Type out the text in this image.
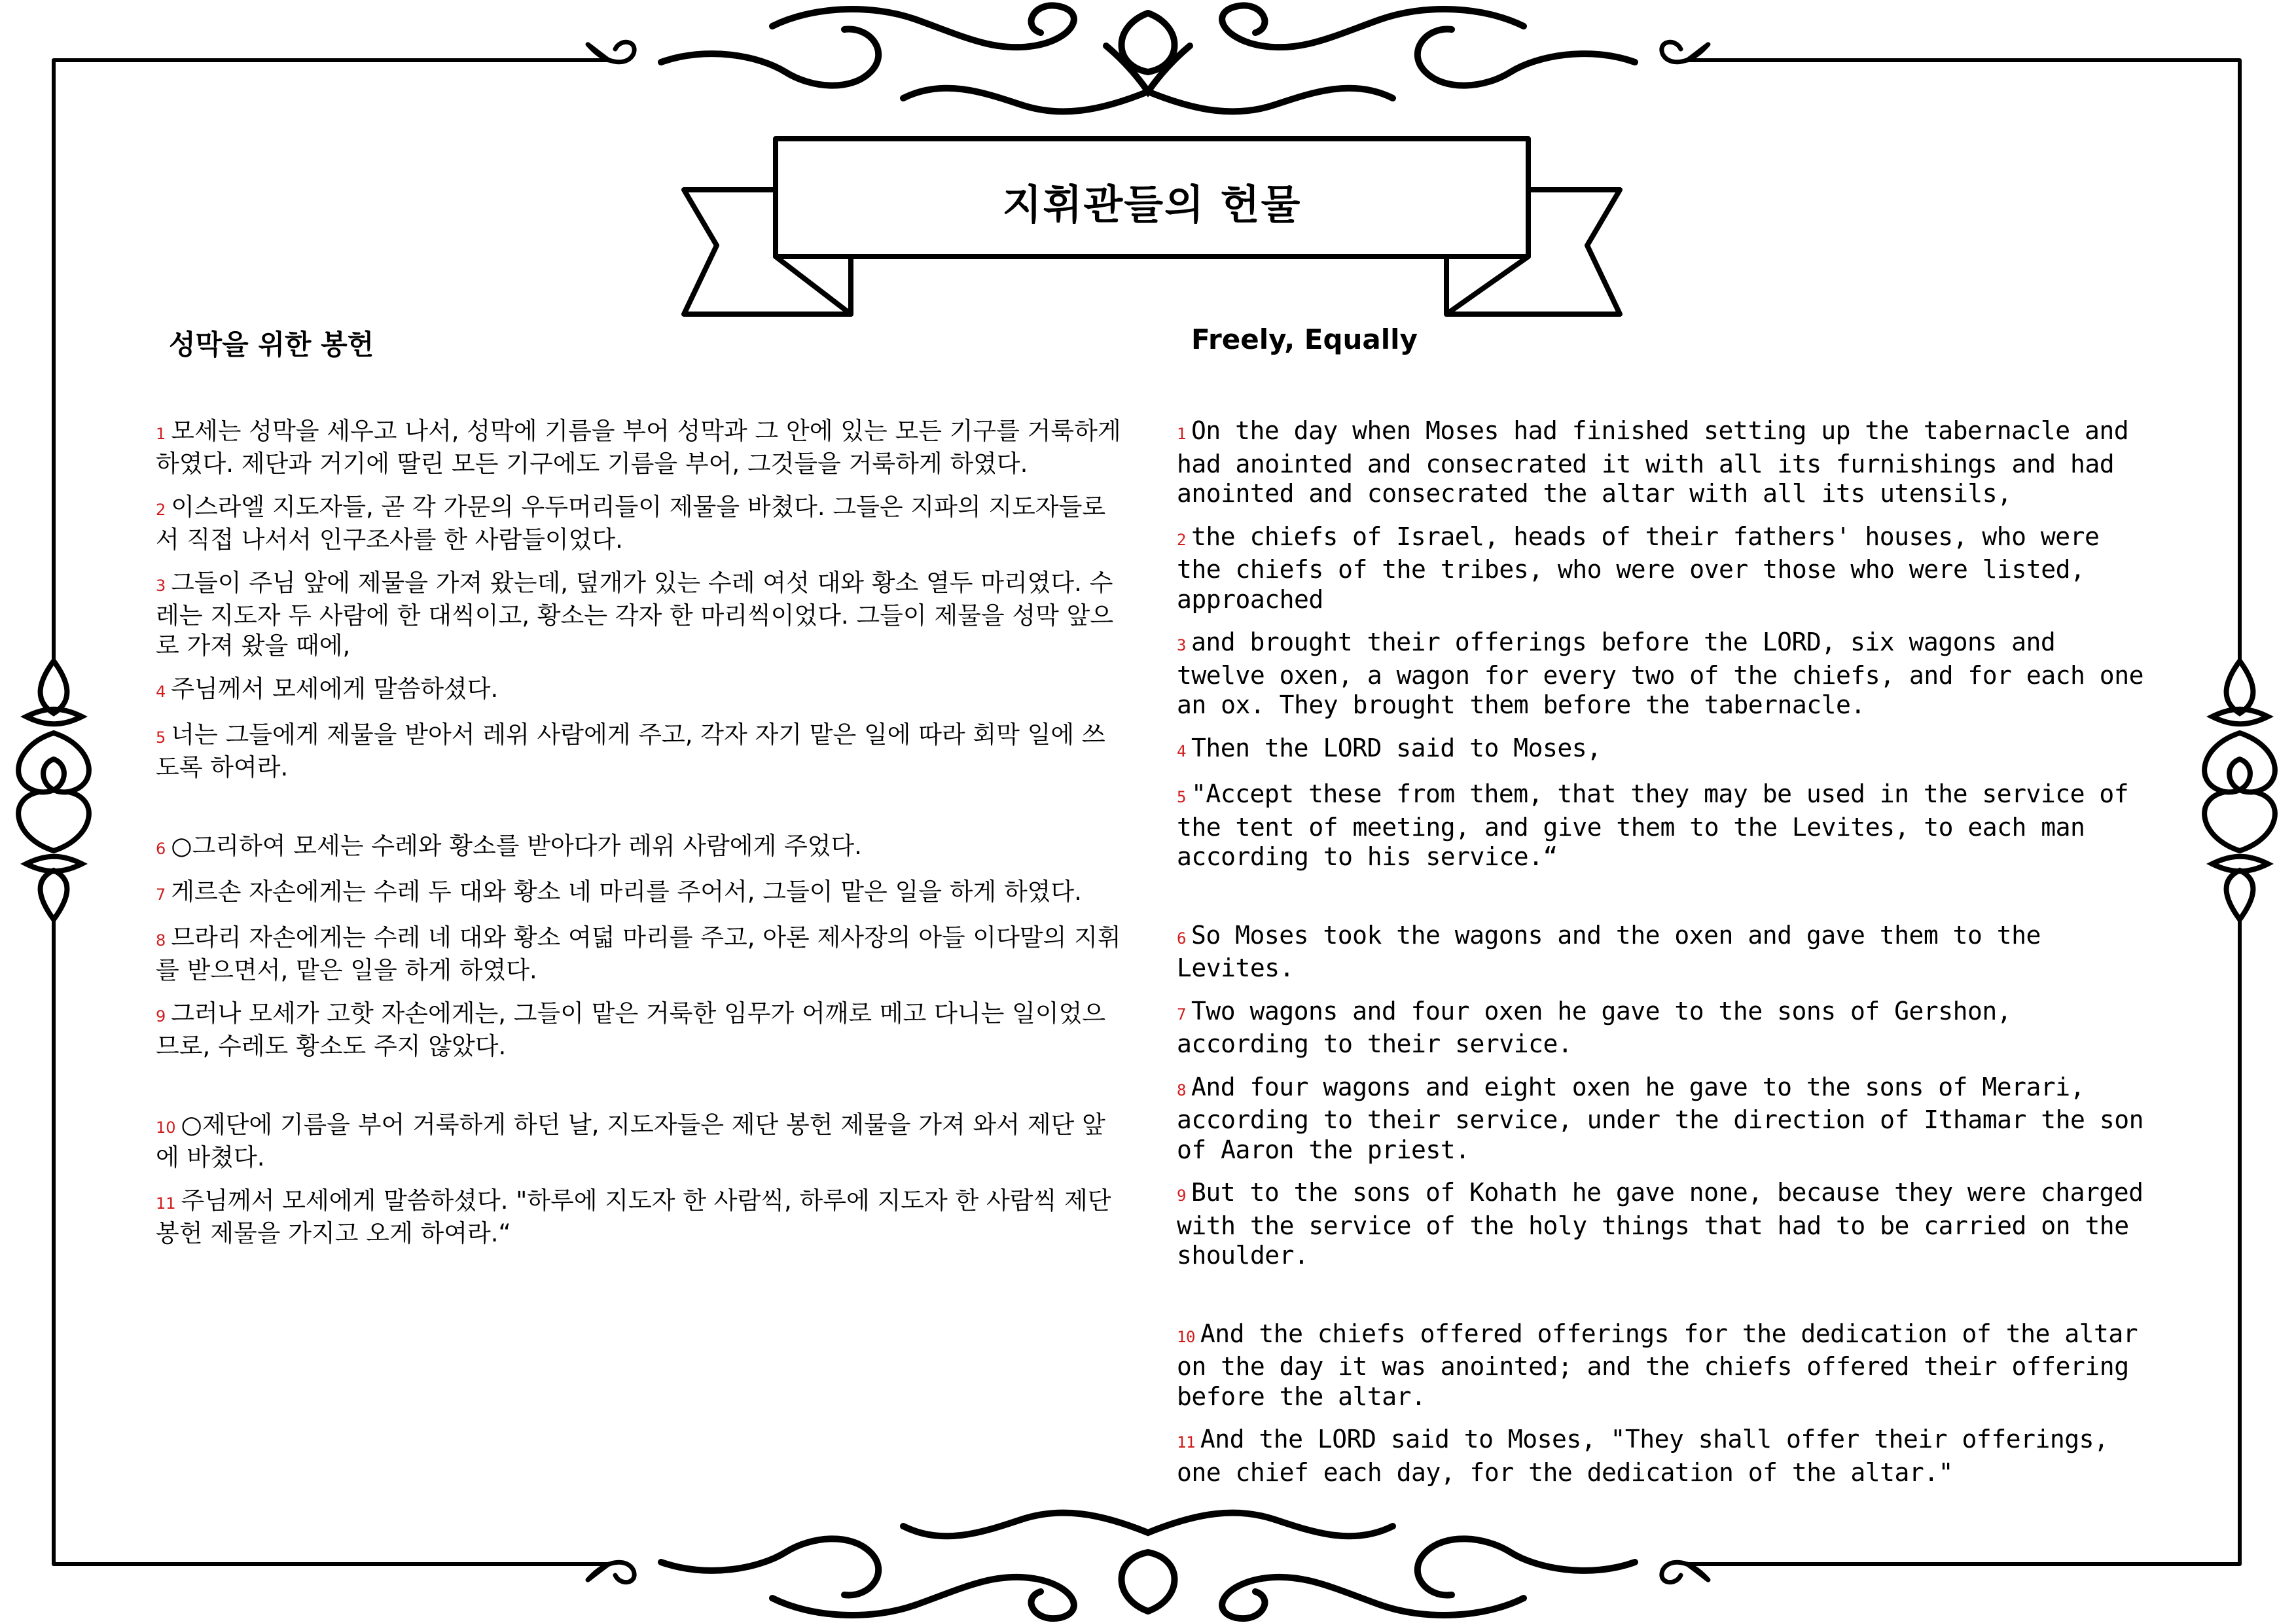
지휘관들의 헌물
성막을 위한 봉헌	Freely, Equally

1 모세는 성막을 세우고 나서, 성막에 기름을 부어 성막과 그 안에 있는 모든 기구를 거룩하게 하였다. 제단과 거기에 딸린 모든 기구에도 기름을 부어, 그것들을 거룩하게 하였다.

2 이스라엘 지도자들, 곧 각 가문의 우두머리들이 제물을 바쳤다. 그들은 지파의 지도자들로서 직접 나서서 인구조사를 한 사람들이었다.

3 그들이 주님 앞에 제물을 가져 왔는데, 덮개가 있는 수레 여섯 대와 황소 열두 마리였다. 수레는 지도자 두 사람에 한 대씩이고, 황소는 각자 한 마리씩이었다. 그들이 제물을 성막 앞으로 가져 왔을 때에,

4 주님께서 모세에게 말씀하셨다.

5 너는 그들에게 제물을 받아서 레위 사람에게 주고, 각자 자기 맡은 일에 따라 회막 일에 쓰도록 하여라.

6 ○그리하여 모세는 수레와 황소를 받아다가 레위 사람에게 주었다.

7 게르손 자손에게는 수레 두 대와 황소 네 마리를 주어서, 그들이 맡은 일을 하게 하였다.

8 므라리 자손에게는 수레 네 대와 황소 여덟 마리를 주고, 아론 제사장의 아들 이다말의 지휘를 받으면서, 맡은 일을 하게 하였다.

9 그러나 모세가 고핫 자손에게는, 그들이 맡은 거룩한 임무가 어깨로 메고 다니는 일이었으므로, 수레도 황소도 주지 않았다.

10 ○제단에 기름을 부어 거룩하게 하던 날, 지도자들은 제단 봉헌 제물을 가져 와서 제단 앞에 바쳤다.

11 주님께서 모세에게 말씀하셨다. "하루에 지도자 한 사람씩, 하루에 지도자 한 사람씩 제단 봉헌 제물을 가지고 오게 하여라.“

1 On the day when Moses had finished setting up the tabernacle and had anointed and consecrated it with all its furnishings and had anointed and consecrated the altar with all its utensils,

2 the chiefs of Israel, heads of their fathers' houses, who were the chiefs of the tribes, who were over those who were listed, approached

3 and brought their offerings before the LORD, six wagons and twelve oxen, a wagon for every two of the chiefs, and for each one an ox. They brought them before the tabernacle.

4 Then the LORD said to Moses,

5 "Accept these from them, that they may be used in the service of the tent of meeting, and give them to the Levites, to each man according to his service.“

6 So Moses took the wagons and the oxen and gave them to the Levites.

7 Two wagons and four oxen he gave to the sons of Gershon, according to their service.

8 And four wagons and eight oxen he gave to the sons of Merari, according to their service, under the direction of Ithamar the son of Aaron the priest.

9 But to the sons of Kohath he gave none, because they were charged with the service of the holy things that had to be carried on the shoulder.

10 And the chiefs offered offerings for the dedication of the altar on the day it was anointed; and the chiefs offered their offering before the altar.

11 And the LORD said to Moses, "They shall offer their offerings, one chief each day, for the dedication of the altar."
